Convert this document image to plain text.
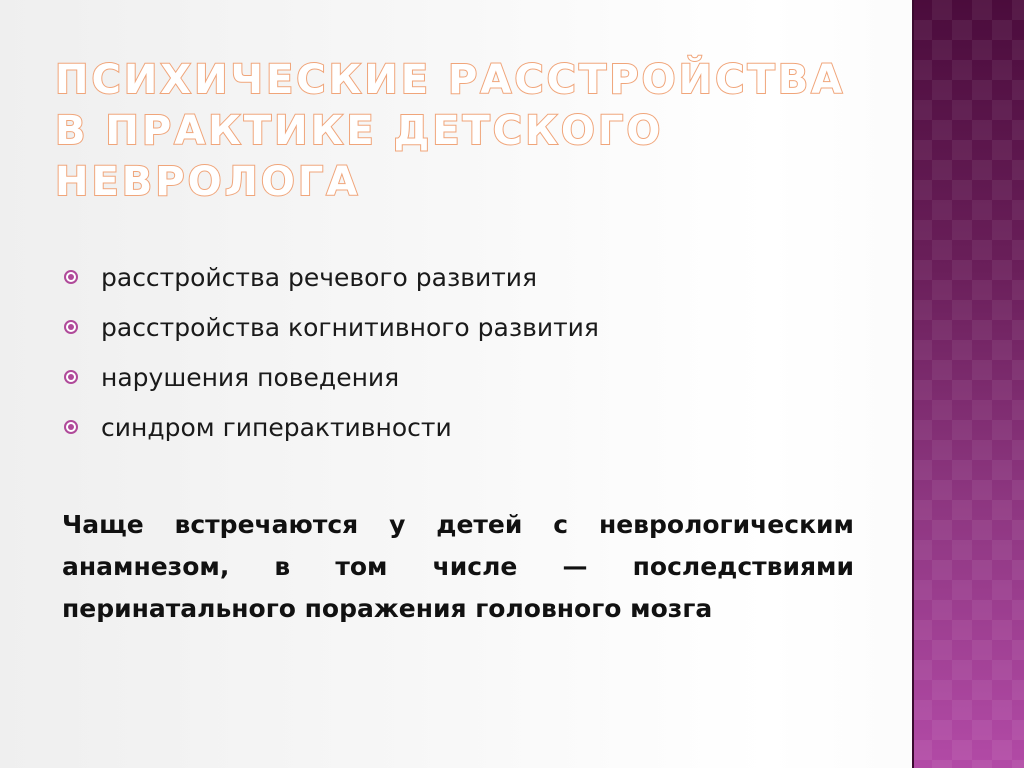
ПСИХИЧЕСКИЕ РАССТРОЙСТВА В ПРАКТИКЕ ДЕТСКОГО НЕВРОЛОГА
расстройства речевого развития
расстройства когнитивного развития
нарушения поведения
синдром гиперактивности

Чаще встречаются у детей с неврологическим анамнезом, в том числе — последствиями перинатального поражения головного мозга
